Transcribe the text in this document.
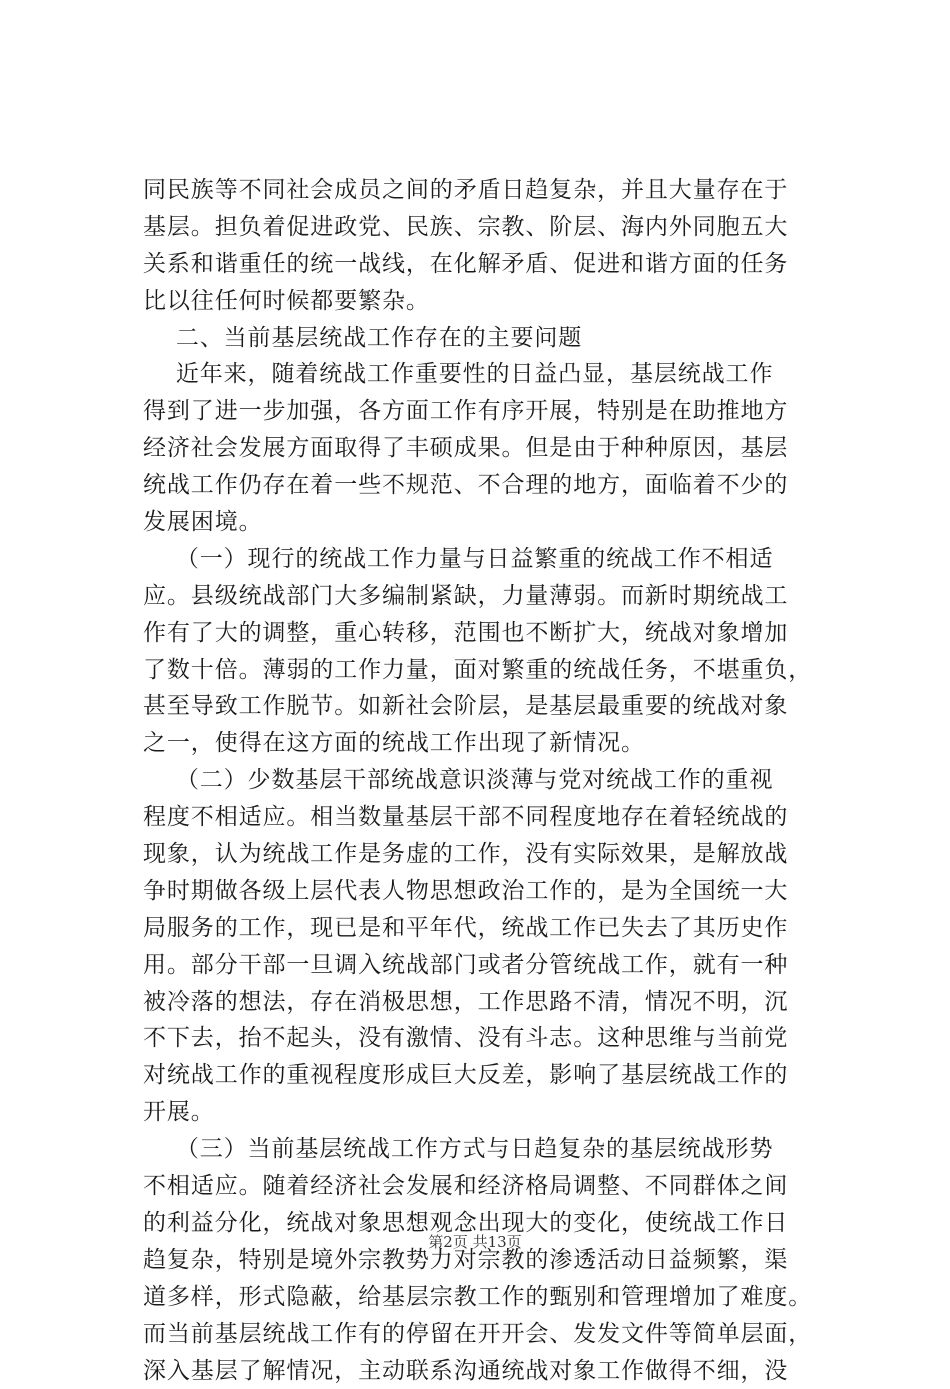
同民族等不同社会成员之间的矛盾日趋复杂，并且大量存在于
基层。担负着促进政党、民族、宗教、阶层、海内外同胞五大
关系和谐重任的统一战线，在化解矛盾、促进和谐方面的任务
比以往任何时候都要繁杂。
二、当前基层统战工作存在的主要问题
近年来，随着统战工作重要性的日益凸显，基层统战工作
得到了进一步加强，各方面工作有序开展，特别是在助推地方
经济社会发展方面取得了丰硕成果。但是由于种种原因，基层
统战工作仍存在着一些不规范、不合理的地方，面临着不少的
发展困境。
（一）现行的统战工作力量与日益繁重的统战工作不相适
应。县级统战部门大多编制紧缺，力量薄弱。而新时期统战工
作有了大的调整，重心转移，范围也不断扩大，统战对象增加
了数十倍。薄弱的工作力量，面对繁重的统战任务，不堪重负，
甚至导致工作脱节。如新社会阶层，是基层最重要的统战对象
之一，使得在这方面的统战工作出现了新情况。
（二）少数基层干部统战意识淡薄与党对统战工作的重视
程度不相适应。相当数量基层干部不同程度地存在着轻统战的
现象，认为统战工作是务虚的工作，没有实际效果，是解放战
争时期做各级上层代表人物思想政治工作的，是为全国统一大
局服务的工作，现已是和平年代，统战工作已失去了其历史作
用。部分干部一旦调入统战部门或者分管统战工作，就有一种
被冷落的想法，存在消极思想，工作思路不清，情况不明，沉
不下去，抬不起头，没有激情、没有斗志。这种思维与当前党
对统战工作的重视程度形成巨大反差，影响了基层统战工作的
开展。
（三）当前基层统战工作方式与日趋复杂的基层统战形势
不相适应。随着经济社会发展和经济格局调整、不同群体之间
的利益分化，统战对象思想观念出现大的变化，使统战工作日
趋复杂，特别是境外宗教势力对宗教的渗透活动日益频繁，渠
道多样，形式隐蔽，给基层宗教工作的甄别和管理增加了难度。
而当前基层统战工作有的停留在开开会、发发文件等简单层面，
深入基层了解情况，主动联系沟通统战对象工作做得不细，没
第2页 共13页
